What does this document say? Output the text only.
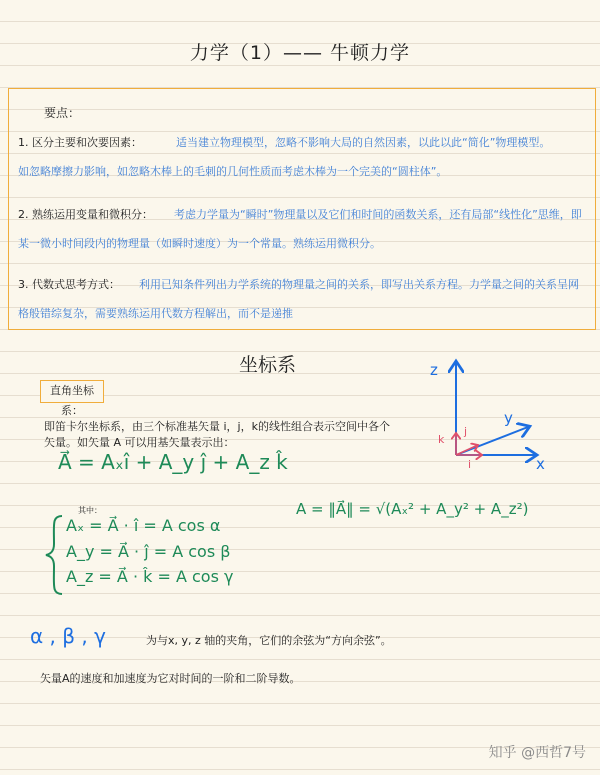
力学（1）—— 牛顿力学
要点：
1. 区分主要和次要因素：	适当建立物理模型，忽略不影响大局的自然因素，以此以此“简化”物理模型。
如忽略摩擦力影响，如忽略木棒上的毛刺的几何性质而考虑木棒为一个完美的“圆柱体”。
2. 熟练运用变量和微积分： 考虑力学量为“瞬时”物理量以及它们和时间的函数关系，还有局部“线性化”思维，即
某一微小时间段内的物理量（如瞬时速度）为一个常量。熟练运用微积分。
3. 代数式思考方式： 利用已知条件列出力学系统的物理量之间的关系，即写出关系方程。力学量之间的关系呈网
格般错综复杂，需要熟练运用代数方程解出，而不是递推
坐标系
直角坐标系：
即笛卡尔坐标系，由三个标准基矢量 i，j，k的线性组合表示空间中各个
矢量。如矢量 A 可以用基矢量表示出：
A⃗ = Aₓî + A_y ĵ + A_z k̂
其中：
Aₓ = A⃗ · î = A cos α
A_y = A⃗ · ĵ = A cos β
A_z = A⃗ · k̂ = A cos γ
A = ‖A⃗‖ = √(Aₓ² + A_y² + A_z²)
α , β , γ	为与x, y, z 轴的夹角，它们的余弦为“方向余弦”。
矢量A的速度和加速度为它对时间的一阶和二阶导数。
z
y
x
k
j
i
知乎 @西哲7号
